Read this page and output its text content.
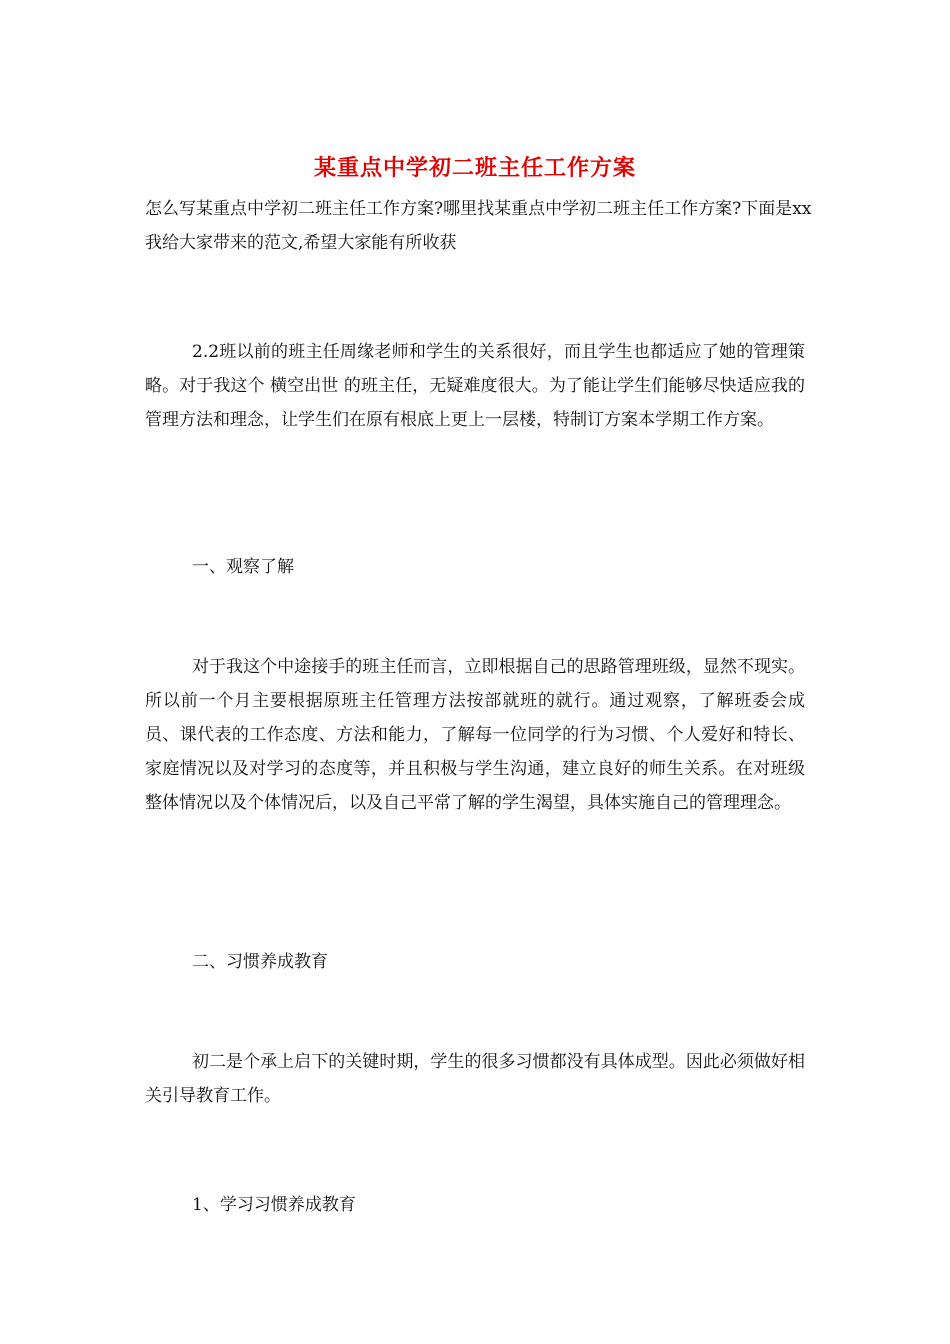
某重点中学初二班主任工作方案
怎么写某重点中学初二班主任工作方案?哪里找某重点中学初二班主任工作方案?下面是xx我给大家带来的范文,希望大家能有所收获
2.2班以前的班主任周缘老师和学生的关系很好，而且学生也都适应了她的管理策略。对于我这个 横空出世 的班主任，无疑难度很大。为了能让学生们能够尽快适应我的管理方法和理念，让学生们在原有根底上更上一层楼，特制订方案本学期工作方案。
一、观察了解
对于我这个中途接手的班主任而言，立即根据自己的思路管理班级，显然不现实。所以前一个月主要根据原班主任管理方法按部就班的就行。通过观察，了解班委会成员、课代表的工作态度、方法和能力，了解每一位同学的行为习惯、个人爱好和特长、家庭情况以及对学习的态度等，并且积极与学生沟通，建立良好的师生关系。在对班级整体情况以及个体情况后，以及自己平常了解的学生渴望，具体实施自己的管理理念。
二、习惯养成教育
初二是个承上启下的关键时期，学生的很多习惯都没有具体成型。因此必须做好相关引导教育工作。
1、学习习惯养成教育
